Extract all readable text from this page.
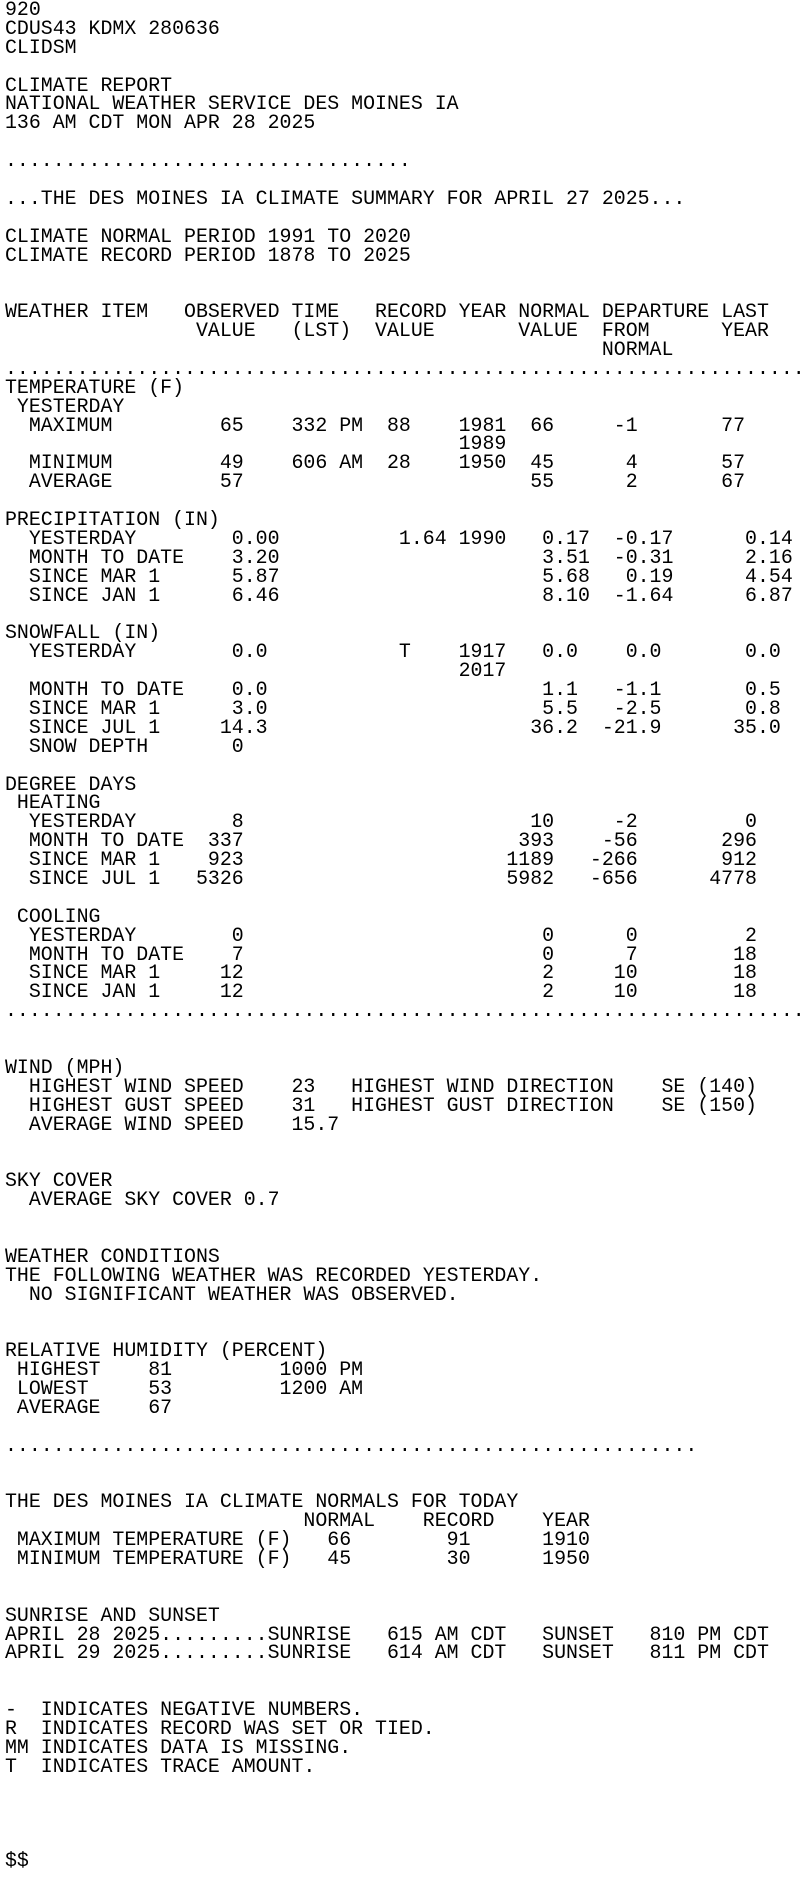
920
CDUS43 KDMX 280636
CLIDSM
CLIMATE REPORT
NATIONAL WEATHER SERVICE DES MOINES IA
136 AM CDT MON APR 28 2025
..................................
...THE DES MOINES IA CLIMATE SUMMARY FOR APRIL 27 2025...
CLIMATE NORMAL PERIOD 1991 TO 2020
CLIMATE RECORD PERIOD 1878 TO 2025
WEATHER ITEM   OBSERVED TIME   RECORD YEAR NORMAL DEPARTURE LAST
VALUE   (LST)  VALUE       VALUE  FROM      YEAR
NORMAL
...................................................................
TEMPERATURE (F)
YESTERDAY
MAXIMUM         65    332 PM  88    1981  66     -1       77
1989
MINIMUM         49    606 AM  28    1950  45      4       57
AVERAGE         57                        55      2       67
PRECIPITATION (IN)
YESTERDAY        0.00          1.64 1990   0.17  -0.17      0.14
MONTH TO DATE    3.20                      3.51  -0.31      2.16
SINCE MAR 1      5.87                      5.68   0.19      4.54
SINCE JAN 1      6.46                      8.10  -1.64      6.87
SNOWFALL (IN)
YESTERDAY        0.0           T    1917   0.0    0.0       0.0
2017
MONTH TO DATE    0.0                       1.1   -1.1       0.5
SINCE MAR 1      3.0                       5.5   -2.5       0.8
SINCE JUL 1     14.3                      36.2  -21.9      35.0
SNOW DEPTH       0
DEGREE DAYS
HEATING
YESTERDAY        8                        10     -2         0
MONTH TO DATE  337                       393    -56       296
SINCE MAR 1    923                      1189   -266       912
SINCE JUL 1   5326                      5982   -656      4778
COOLING
YESTERDAY        0                         0      0         2
MONTH TO DATE    7                         0      7        18
SINCE MAR 1     12                         2     10        18
SINCE JAN 1     12                         2     10        18
...................................................................
WIND (MPH)
HIGHEST WIND SPEED    23   HIGHEST WIND DIRECTION    SE (140)
HIGHEST GUST SPEED    31   HIGHEST GUST DIRECTION    SE (150)
AVERAGE WIND SPEED    15.7
SKY COVER
AVERAGE SKY COVER 0.7
WEATHER CONDITIONS
THE FOLLOWING WEATHER WAS RECORDED YESTERDAY.
NO SIGNIFICANT WEATHER WAS OBSERVED.
RELATIVE HUMIDITY (PERCENT)
HIGHEST    81         1000 PM
LOWEST     53         1200 AM
AVERAGE    67
..........................................................
THE DES MOINES IA CLIMATE NORMALS FOR TODAY
NORMAL    RECORD    YEAR
MAXIMUM TEMPERATURE (F)   66        91      1910
MINIMUM TEMPERATURE (F)   45        30      1950
SUNRISE AND SUNSET
APRIL 28 2025.........SUNRISE   615 AM CDT   SUNSET   810 PM CDT
APRIL 29 2025.........SUNRISE   614 AM CDT   SUNSET   811 PM CDT
-  INDICATES NEGATIVE NUMBERS.
R  INDICATES RECORD WAS SET OR TIED.
MM INDICATES DATA IS MISSING.
T  INDICATES TRACE AMOUNT.
$$
